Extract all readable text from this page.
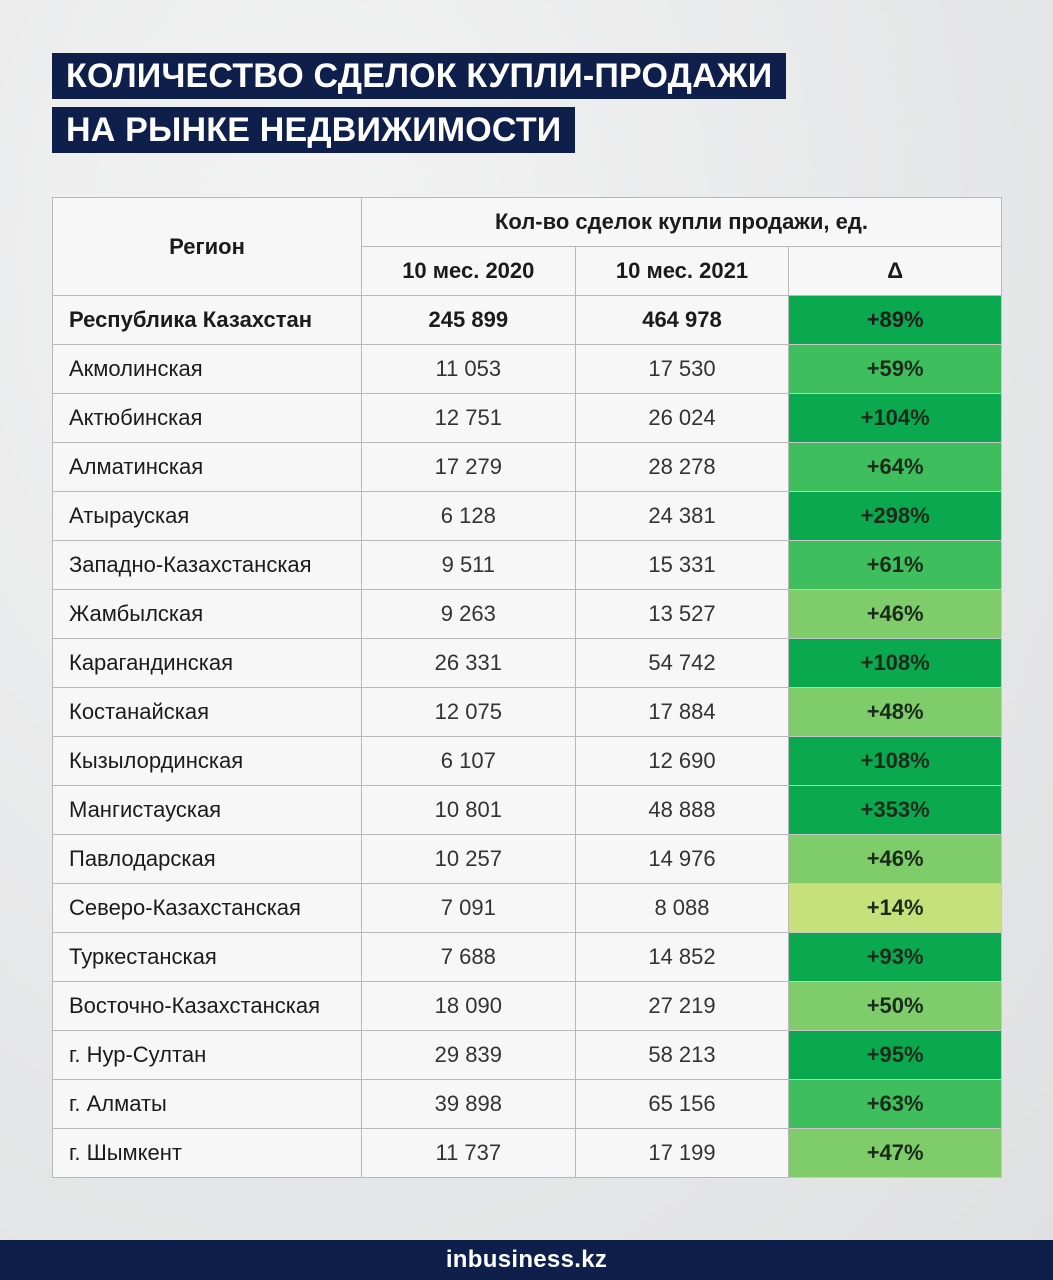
КОЛИЧЕСТВО СДЕЛОК КУПЛИ-ПРОДАЖИ
НА РЫНКЕ НЕДВИЖИМОСТИ
Регион	Кол-во сделок купли продажи, ед.		
	10 мес. 2020	10 мес. 2021	Δ
Республика Казахстан	245 899	464 978	+89%
Акмолинская	11 053	17 530	+59%
Актюбинская	12 751	26 024	+104%
Алматинская	17 279	28 278	+64%
Атырауская	6 128	24 381	+298%
Западно-Казахстанская	9 511	15 331	+61%
Жамбылская	9 263	13 527	+46%
Карагандинская	26 331	54 742	+108%
Костанайская	12 075	17 884	+48%
Кызылординская	6 107	12 690	+108%
Мангистауская	10 801	48 888	+353%
Павлодарская	10 257	14 976	+46%
Северо-Казахстанская	7 091	8 088	+14%
Туркестанская	7 688	14 852	+93%
Восточно-Казахстанская	18 090	27 219	+50%
г. Нур-Султан	29 839	58 213	+95%
г. Алматы	39 898	65 156	+63%
г. Шымкент	11 737	17 199	+47%
inbusiness.kz
